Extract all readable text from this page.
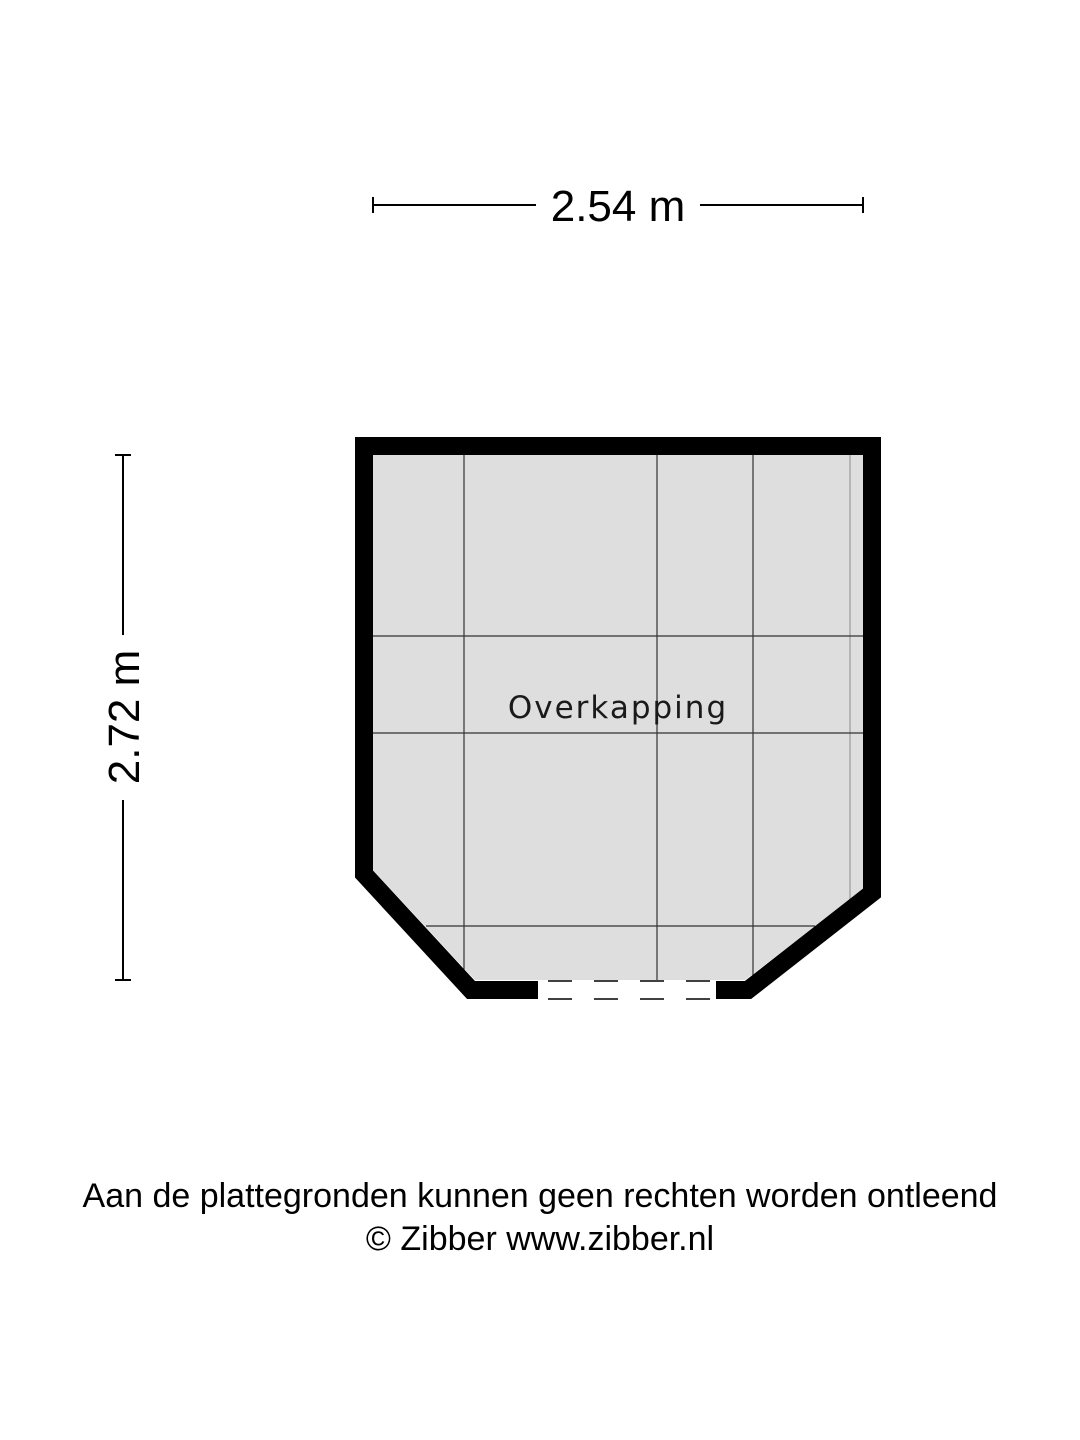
2.54 m
2.72 m	Overkapping
Aan de plattegronden kunnen geen rechten worden ontleend
© Zibber www.zibber.nl
